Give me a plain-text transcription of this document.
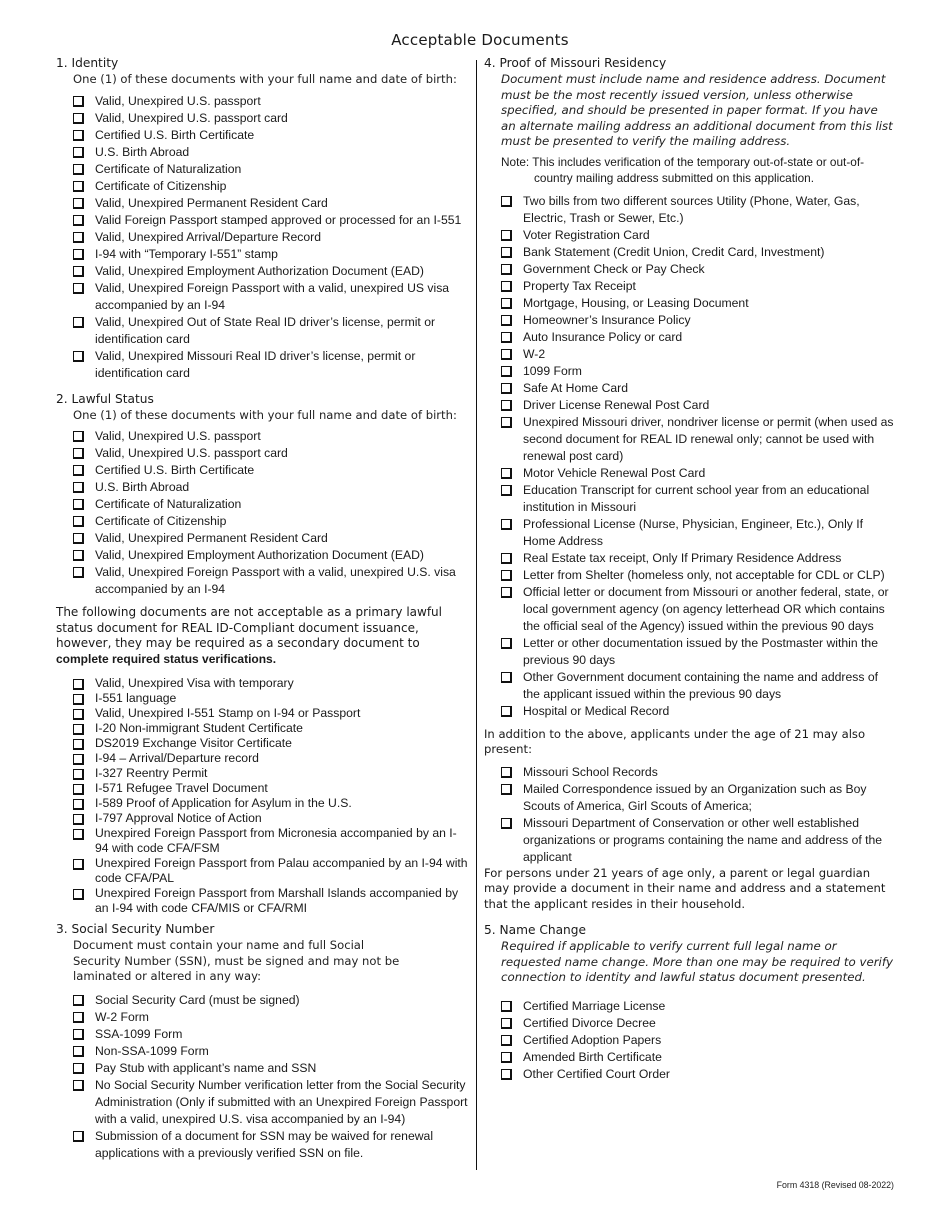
Acceptable Documents
1. Identity
One (1) of these documents with your full name and date of birth:
Valid, Unexpired U.S. passport
Valid, Unexpired U.S. passport card
Certified U.S. Birth Certificate
U.S. Birth Abroad
Certificate of Naturalization
Certificate of Citizenship
Valid, Unexpired Permanent Resident Card
Valid Foreign Passport stamped approved or processed for an I-551
Valid, Unexpired Arrival/Departure Record
I-94 with “Temporary I-551” stamp
Valid, Unexpired Employment Authorization Document (EAD)
Valid, Unexpired Foreign Passport with a valid, unexpired US visa accompanied by an I-94
Valid, Unexpired Out of State Real ID driver’s license, permit or identification card
Valid, Unexpired Missouri Real ID driver’s license, permit or identification card
2. Lawful Status
One (1) of these documents with your full name and date of birth:
Valid, Unexpired U.S. passport
Valid, Unexpired U.S. passport card
Certified U.S. Birth Certificate
U.S. Birth Abroad
Certificate of Naturalization
Certificate of Citizenship
Valid, Unexpired Permanent Resident Card
Valid, Unexpired Employment Authorization Document (EAD)
Valid, Unexpired Foreign Passport with a valid, unexpired U.S. visa accompanied by an I-94
The following documents are not acceptable as a primary lawful status document for REAL ID-Compliant document issuance, however, they may be required as a secondary document to complete required status verifications.
Valid, Unexpired Visa with temporary
I-551 language
Valid, Unexpired I-551 Stamp on I-94 or Passport
I-20 Non-immigrant Student Certificate
DS2019 Exchange Visitor Certificate
I-94 – Arrival/Departure record
I-327 Reentry Permit
I-571 Refugee Travel Document
I-589 Proof of Application for Asylum in the U.S.
I-797 Approval Notice of Action
Unexpired Foreign Passport from Micronesia accompanied by an I-94 with code CFA/FSM
Unexpired Foreign Passport from Palau accompanied by an I-94 with code CFA/PAL
Unexpired Foreign Passport from Marshall Islands accompanied by an I-94 with code CFA/MIS or CFA/RMI
3. Social Security Number
Document must contain your name and full Social Security Number (SSN), must be signed and may not be laminated or altered in any way:
Social Security Card (must be signed)
W-2 Form
SSA-1099 Form
Non-SSA-1099 Form
Pay Stub with applicant’s name and SSN
No Social Security Number verification letter from the Social Security Administration (Only if submitted with an Unexpired Foreign Passport with a valid, unexpired U.S. visa accompanied by an I-94)
Submission of a document for SSN may be waived for renewal applications with a previously verified SSN on file.
4. Proof of Missouri Residency
Document must include name and residence address. Document must be the most recently issued version, unless otherwise specified, and should be presented in paper format. If you have an alternate mailing address an additional document from this list must be presented to verify the mailing address.
Note: This includes verification of the temporary out-of-state or out-of-
country mailing address submitted on this application.
Two bills from two different sources Utility (Phone, Water, Gas, Electric, Trash or Sewer, Etc.)
Voter Registration Card
Bank Statement (Credit Union, Credit Card, Investment)
Government Check or Pay Check
Property Tax Receipt
Mortgage, Housing, or Leasing Document
Homeowner’s Insurance Policy
Auto Insurance Policy or card
W-2
1099 Form
Safe At Home Card
Driver License Renewal Post Card
Unexpired Missouri driver, nondriver license or permit (when used as second document for REAL ID renewal only; cannot be used with renewal post card)
Motor Vehicle Renewal Post Card
Education Transcript for current school year from an educational institution in Missouri
Professional License (Nurse, Physician, Engineer, Etc.), Only If Home Address
Real Estate tax receipt, Only If Primary Residence Address
Letter from Shelter (homeless only, not acceptable for CDL or CLP)
Official letter or document from Missouri or another federal, state, or local government agency (on agency letterhead OR which contains the official seal of the Agency) issued within the previous 90 days
Letter or other documentation issued by the Postmaster within the previous 90 days
Other Government document containing the name and address of the applicant issued within the previous 90 days
Hospital or Medical Record
In addition to the above, applicants under the age of 21 may also present:
Missouri School Records
Mailed Correspondence issued by an Organization such as Boy Scouts of America, Girl Scouts of America;
Missouri Department of Conservation or other well established organizations or programs containing the name and address of the applicant
For persons under 21 years of age only, a parent or legal guardian may provide a document in their name and address and a statement that the applicant resides in their household.
5. Name Change
Required if applicable to verify current full legal name or requested name change. More than one may be required to verify connection to identity and lawful status document presented.
Certified Marriage License
Certified Divorce Decree
Certified Adoption Papers
Amended Birth Certificate
Other Certified Court Order
Form 4318 (Revised 08-2022)
